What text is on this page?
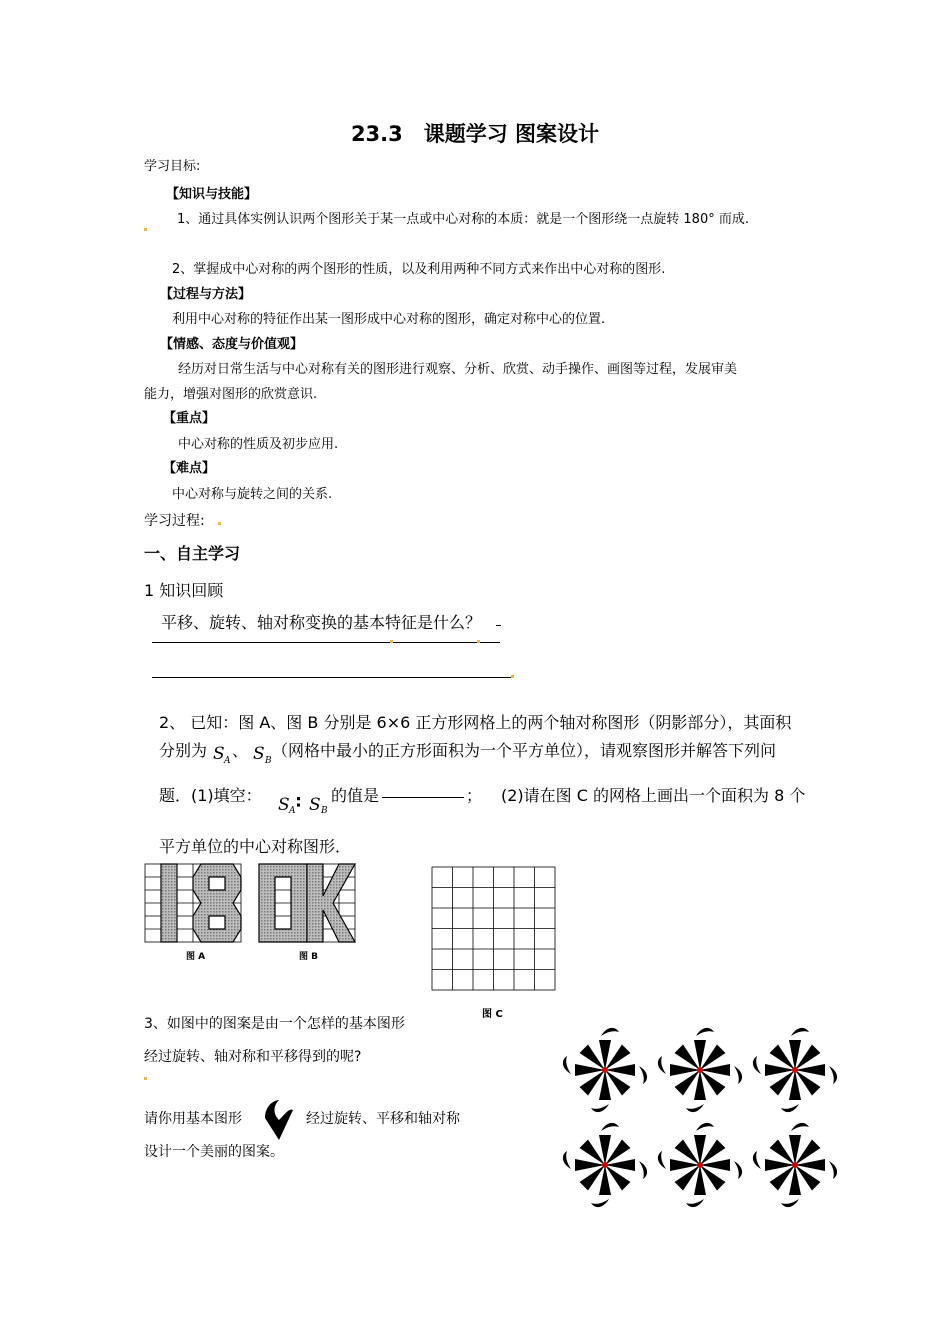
23.3　课题学习 图案设计
学习目标:
【知识与技能】
1、通过具体实例认识两个图形关于某一点或中心对称的本质：就是一个图形绕一点旋转 180° 而成.
2、掌握成中心对称的两个图形的性质，以及利用两种不同方式来作出中心对称的图形.
【过程与方法】
利用中心对称的特征作出某一图形成中心对称的图形，确定对称中心的位置.
【情感、态度与价值观】
经历对日常生活与中心对称有关的图形进行观察、分析、欣赏、动手操作、画图等过程，发展审美
能力，增强对图形的欣赏意识.
【重点】
中心对称的性质及初步应用.
【难点】
中心对称与旋转之间的关系.
学习过程:
一、自主学习
1 知识回顾
平移、旋转、轴对称变换的基本特征是什么？
2、 已知：图 A、图 B 分别是 6×6 正方形网格上的两个轴对称图形（阴影部分），其面积
分别为 S A
、 S B
（网格中最小的正方形面积为一个平方单位），请观察图形并解答下列问
题．(1)填空： S A ∶ S B
的值是	； (2)请在图 C 的网格上画出一个面积为 8 个
平方单位的中心对称图形．
图 A	图 B
图 C
3、如图中的图案是由一个怎样的基本图形
经过旋转、轴对称和平移得到的呢?
请你用基本图形	经过旋转、平移和轴对称
设计一个美丽的图案。
